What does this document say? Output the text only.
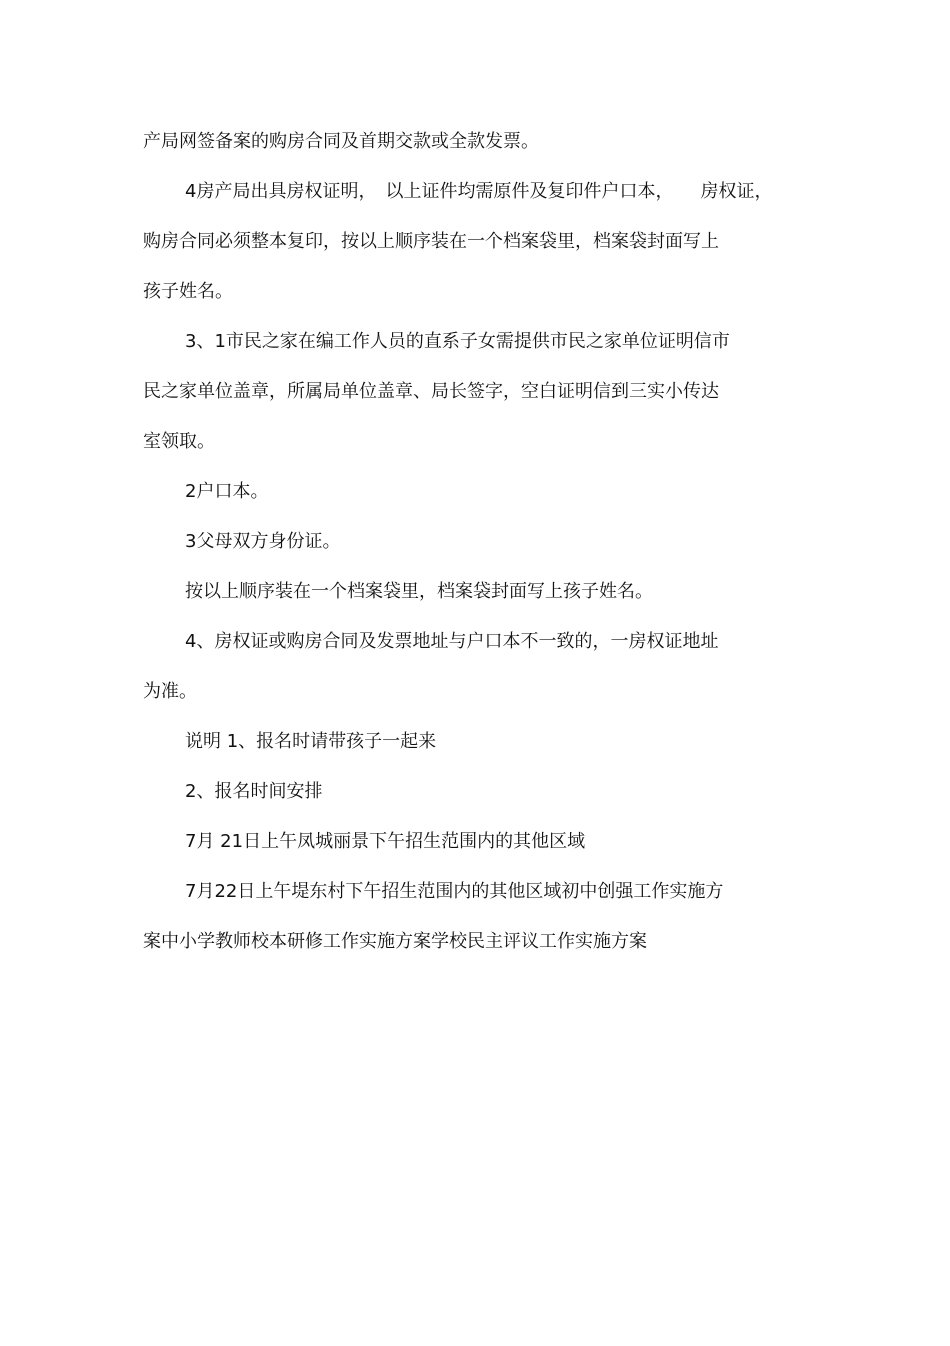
产局网签备案的购房合同及首期交款或全款发票。
4房产局出具房权证明，　以上证件均需原件及复印件户口本，　　房权证，
购房合同必须整本复印，按以上顺序装在一个档案袋里，档案袋封面写上
孩子姓名。
3、1市民之家在编工作人员的直系子女需提供市民之家单位证明信市
民之家单位盖章，所属局单位盖章、局长签字，空白证明信到三实小传达
室领取。
2户口本。
3父母双方身份证。
按以上顺序装在一个档案袋里，档案袋封面写上孩子姓名。
4、房权证或购房合同及发票地址与户口本不一致的，一房权证地址
为准。
说明 1、报名时请带孩子一起来
2、报名时间安排
7月 21日上午凤城丽景下午招生范围内的其他区域
7月22日上午堤东村下午招生范围内的其他区域初中创强工作实施方
案中小学教师校本研修工作实施方案学校民主评议工作实施方案
